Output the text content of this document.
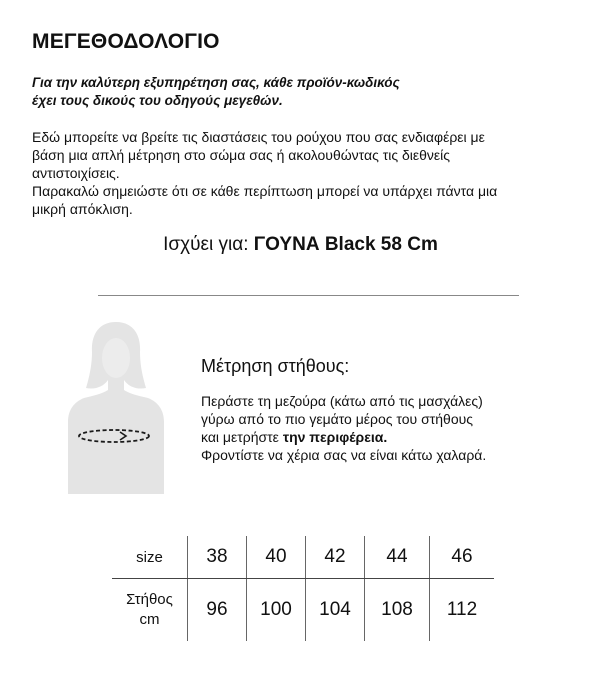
ΜΕΓΕΘΟΔΟΛΟΓΙΟ
Για την καλύτερη εξυπηρέτηση σας, κάθε προϊόν-κωδικός
έχει τους δικούς του οδηγούς μεγεθών.
Εδώ μπορείτε να βρείτε τις διαστάσεις του ρούχου που σας ενδιαφέρει με
βάση μια απλή μέτρηση στο σώμα σας ή ακολουθώντας τις διεθνείς
αντιστοιχίσεις.
Παρακαλώ σημειώστε ότι σε κάθε περίπτωση μπορεί να υπάρχει πάντα μια
μικρή απόκλιση.
Ισχύει για: ΓΟΥΝΑ Black 58 Cm
Μέτρηση στήθους:
Περάστε τη μεζούρα (κάτω από τις μασχάλες)
γύρω από το πιο γεμάτο μέρος του στήθους
και μετρήστε την περιφέρεια.
Φροντίστε να χέρια σας να είναι κάτω χαλαρά.
size	38	40	42	44	46

Στήθος
cm	96	100	104	108	112
